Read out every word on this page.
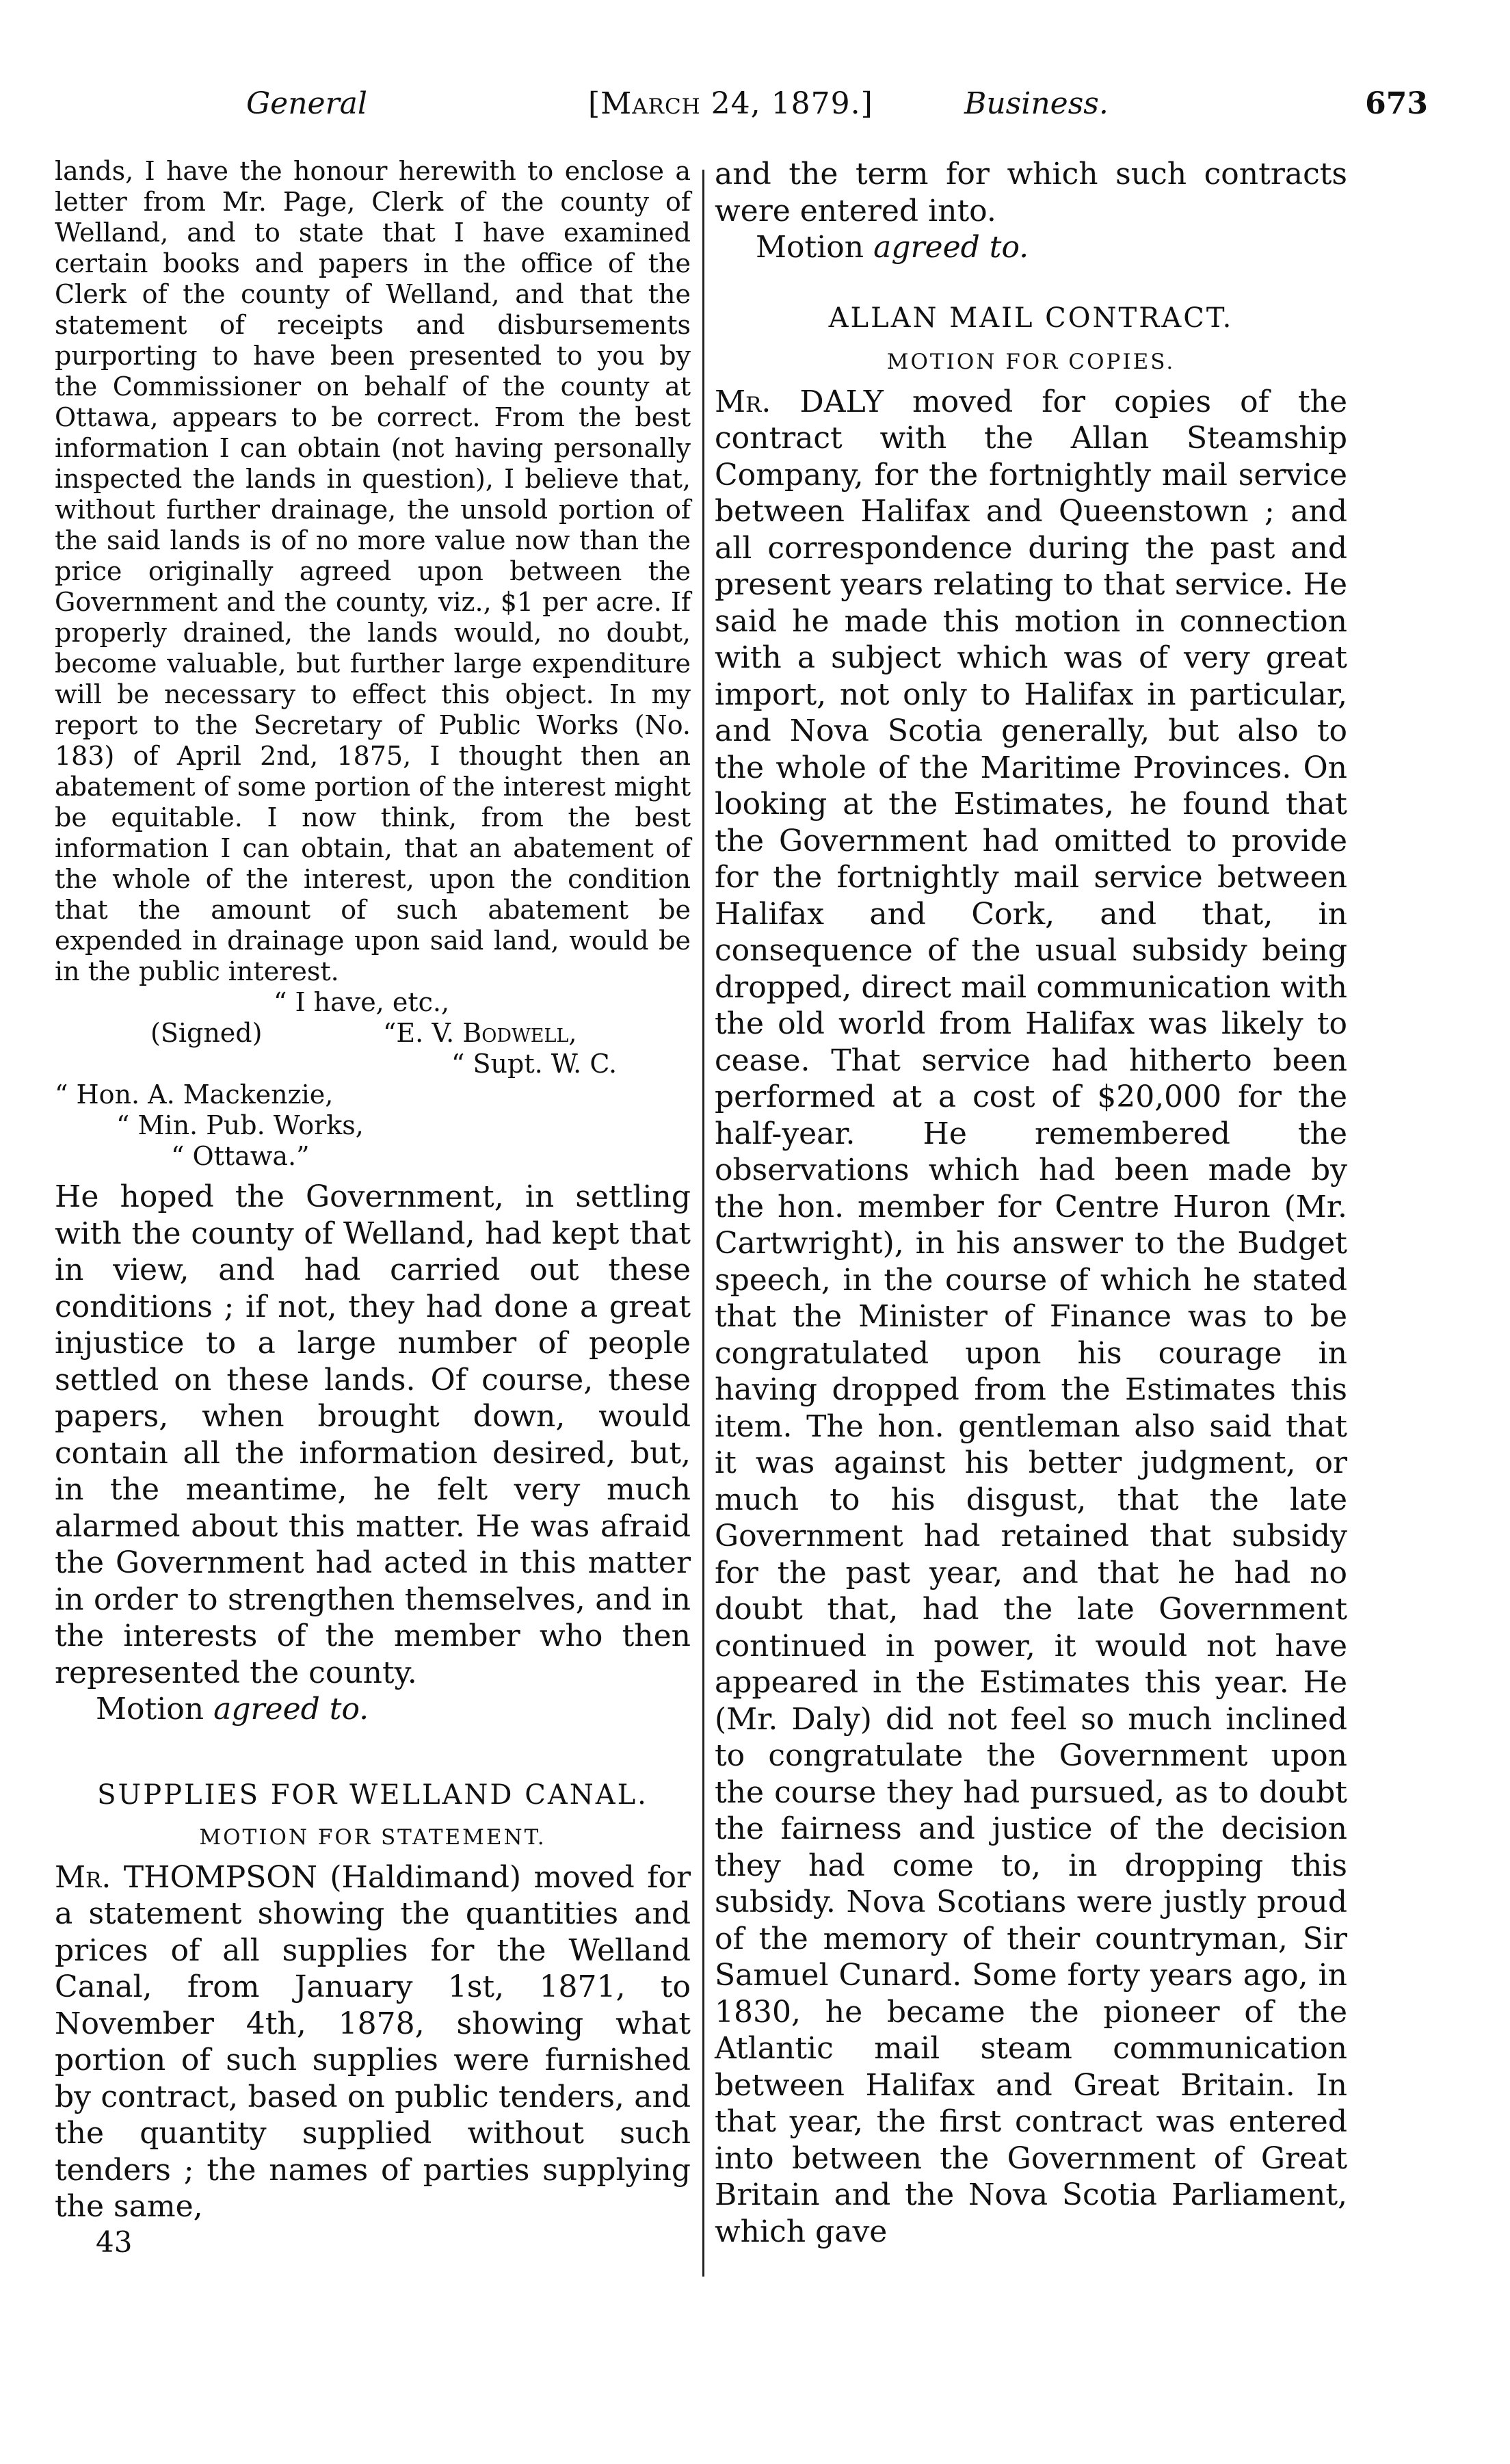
General	[March 24, 1879.]	Business.	673

lands, I have the honour herewith to enclose a letter from Mr. Page, Clerk of the county of Welland, and to state that I have examined certain books and papers in the office of the Clerk of the county of Welland, and that the statement of receipts and disbursements purporting to have been presented to you by the Commissioner on behalf of the county at Ottawa, appears to be correct. From the best information I can obtain (not having personally inspected the lands in question), I believe that, without further drainage, the unsold portion of the said lands is of no more value now than the price originally agreed upon between the Government and the county, viz., $1 per acre. If properly drained, the lands would, no doubt, become valuable, but further large expenditure will be necessary to effect this object. In my report to the Secretary of Public Works (No. 183) of April 2nd, 1875, I thought then an abatement of some portion of the interest might be equitable. I now think, from the best information I can obtain, that an abatement of the whole of the interest, upon the condition that the amount of such abatement be expended in drainage upon said land, would be in the public interest.

“ I have, etc.,
(Signed)	“E. V. Bodwell,
“ Supt. W. C.
“ Hon. A. Mackenzie,
“ Min. Pub. Works,
“ Ottawa.”

He hoped the Government, in settling with the county of Welland, had kept that in view, and had carried out these conditions ; if not, they had done a great injustice to a large number of people settled on these lands. Of course, these papers, when brought down, would contain all the information desired, but, in the meantime, he felt very much alarmed about this matter. He was afraid the Government had acted in this matter in order to strengthen themselves, and in the interests of the member who then represented the county.

Motion agreed to.

SUPPLIES FOR WELLAND CANAL.
MOTION FOR STATEMENT.

Mr. THOMPSON (Haldimand) moved for a statement showing the quantities and prices of all supplies for the Welland Canal, from January 1st, 1871, to November 4th, 1878, showing what portion of such supplies were furnished by contract, based on public tenders, and the quantity supplied without such tenders ; the names of parties supplying the same,

43

and the term for which such contracts were entered into.

Motion agreed to.

ALLAN MAIL CONTRACT.
MOTION FOR COPIES.

Mr. DALY moved for copies of the contract with the Allan Steamship Company, for the fortnightly mail service between Halifax and Queenstown ; and all correspondence during the past and present years relating to that service. He said he made this motion in connection with a subject which was of very great import, not only to Halifax in particular, and Nova Scotia generally, but also to the whole of the Maritime Provinces. On looking at the Estimates, he found that the Government had omitted to provide for the fortnightly mail service between Halifax and Cork, and that, in consequence of the usual subsidy being dropped, direct mail communication with the old world from Halifax was likely to cease. That service had hitherto been performed at a cost of $20,000 for the half-year. He remembered the observations which had been made by the hon. member for Centre Huron (Mr. Cartwright), in his answer to the Budget speech, in the course of which he stated that the Minister of Finance was to be congratulated upon his courage in having dropped from the Estimates this item. The hon. gentleman also said that it was against his better judgment, or much to his disgust, that the late Government had retained that subsidy for the past year, and that he had no doubt that, had the late Government continued in power, it would not have appeared in the Estimates this year. He (Mr. Daly) did not feel so much inclined to congratulate the Government upon the course they had pursued, as to doubt the fairness and justice of the decision they had come to, in dropping this subsidy. Nova Scotians were justly proud of the memory of their countryman, Sir Samuel Cunard. Some forty years ago, in 1830, he became the pioneer of the Atlantic mail steam communication between Halifax and Great Britain. In that year, the first contract was entered into between the Government of Great Britain and the Nova Scotia Parliament, which gave
